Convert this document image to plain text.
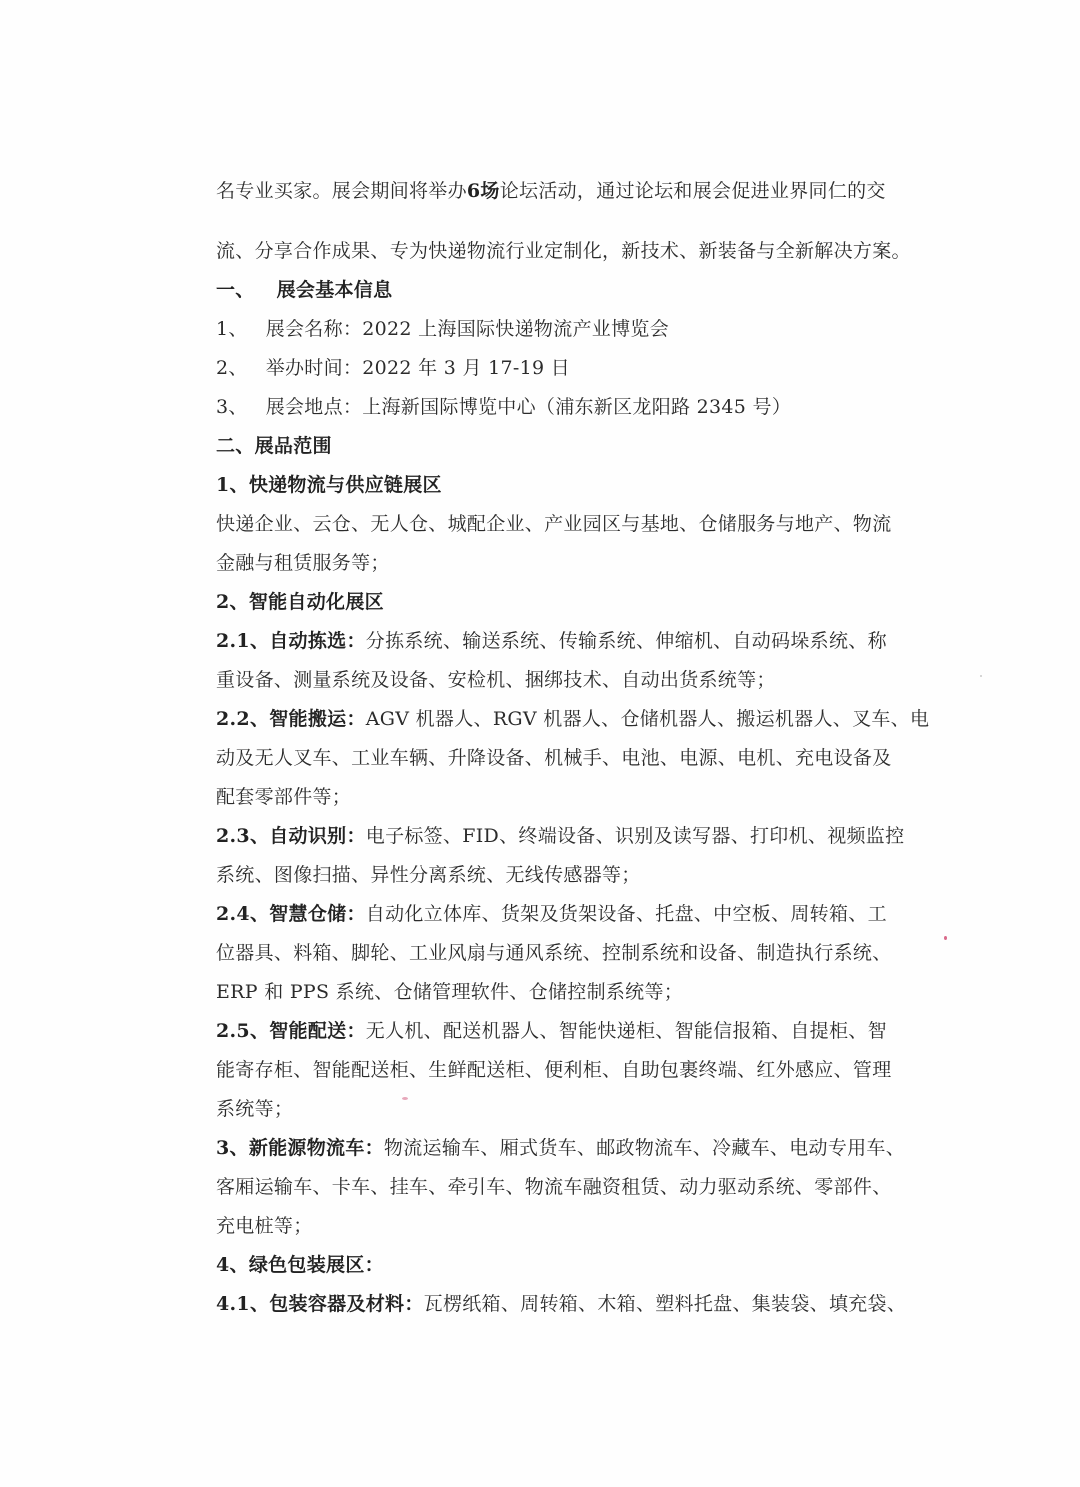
名专业买家。展会期间将举办6场论坛活动，通过论坛和展会促进业界同仁的交
流、分享合作成果、专为快递物流行业定制化，新技术、新装备与全新解决方案。
一、 展会基本信息
1、 展会名称：2022 上海国际快递物流产业博览会
2、 举办时间：2022 年 3 月 17-19 日
3、 展会地点：上海新国际博览中心（浦东新区龙阳路 2345 号）
二、展品范围
1、快递物流与供应链展区
快递企业、云仓、无人仓、城配企业、产业园区与基地、仓储服务与地产、物流
金融与租赁服务等；
2、智能自动化展区
2.1、自动拣选：分拣系统、输送系统、传输系统、伸缩机、自动码垛系统、称
重设备、测量系统及设备、安检机、捆绑技术、自动出货系统等；
2.2、智能搬运：AGV 机器人、RGV 机器人、仓储机器人、搬运机器人、叉车、电
动及无人叉车、工业车辆、升降设备、机械手、电池、电源、电机、充电设备及
配套零部件等；
2.3、自动识别：电子标签、FID、终端设备、识别及读写器、打印机、视频监控
系统、图像扫描、异性分离系统、无线传感器等；
2.4、智慧仓储：自动化立体库、货架及货架设备、托盘、中空板、周转箱、工
位器具、料箱、脚轮、工业风扇与通风系统、控制系统和设备、制造执行系统、
ERP 和 PPS 系统、仓储管理软件、仓储控制系统等；
2.5、智能配送：无人机、配送机器人、智能快递柜、智能信报箱、自提柜、智
能寄存柜、智能配送柜、生鲜配送柜、便利柜、自助包裹终端、红外感应、管理
系统等；
3、新能源物流车：物流运输车、厢式货车、邮政物流车、冷藏车、电动专用车、
客厢运输车、卡车、挂车、牵引车、物流车融资租赁、动力驱动系统、零部件、
充电桩等；
4、绿色包装展区：
4.1、包装容器及材料：瓦楞纸箱、周转箱、木箱、塑料托盘、集装袋、填充袋、
